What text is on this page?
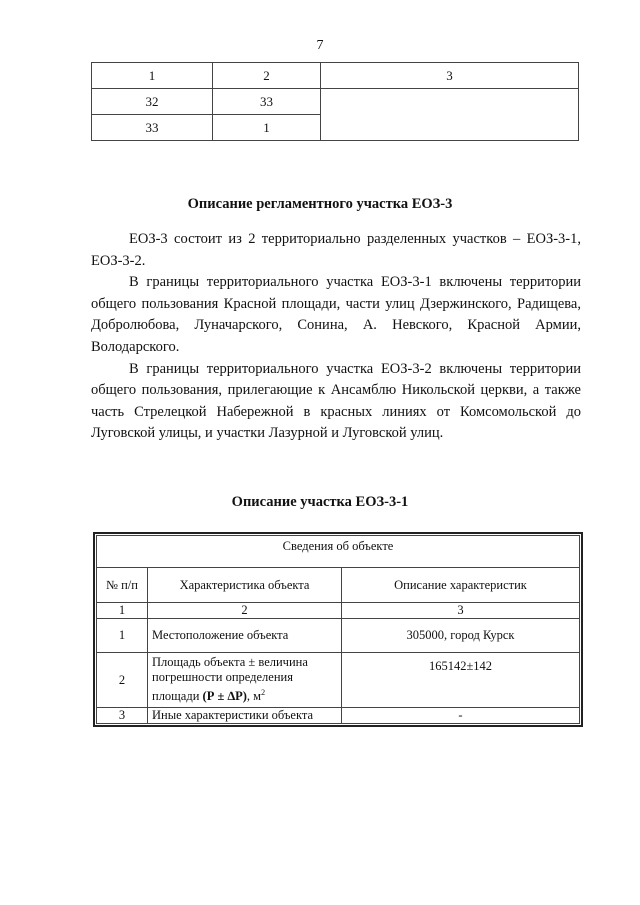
7
1	2	3
32	33	
33	1	
Описание регламентного участка ЕОЗ-3

ЕОЗ-3 состоит из 2 территориально разделенных участков – ЕОЗ-3-1, ЕОЗ-3-2.

В границы территориального участка ЕОЗ-3-1 включены территории общего пользования Красной площади, части улиц Дзержинского, Радищева, Добролюбова, Луначарского, Сонина, А. Невского, Красной Армии, Володарского.

В границы территориального участка ЕОЗ-3-2 включены территории общего пользования, прилегающие к Ансамблю Никольской церкви, а также часть Стрелецкой Набережной в красных линиях от Комсомольской до Луговской улицы, и участки Лазурной и Луговской улиц.

Описание участка ЕОЗ-3-1
Сведения об объекте		
№ п/п	Характеристика объекта	Описание характеристик
1	2	3
1	Местоположение объекта	305000, город Курск
2	Площадь объекта ± величина погрешности определения площади (Р ± ∆Р), $м^2$	165142±142
3	Иные характеристики объекта	-
